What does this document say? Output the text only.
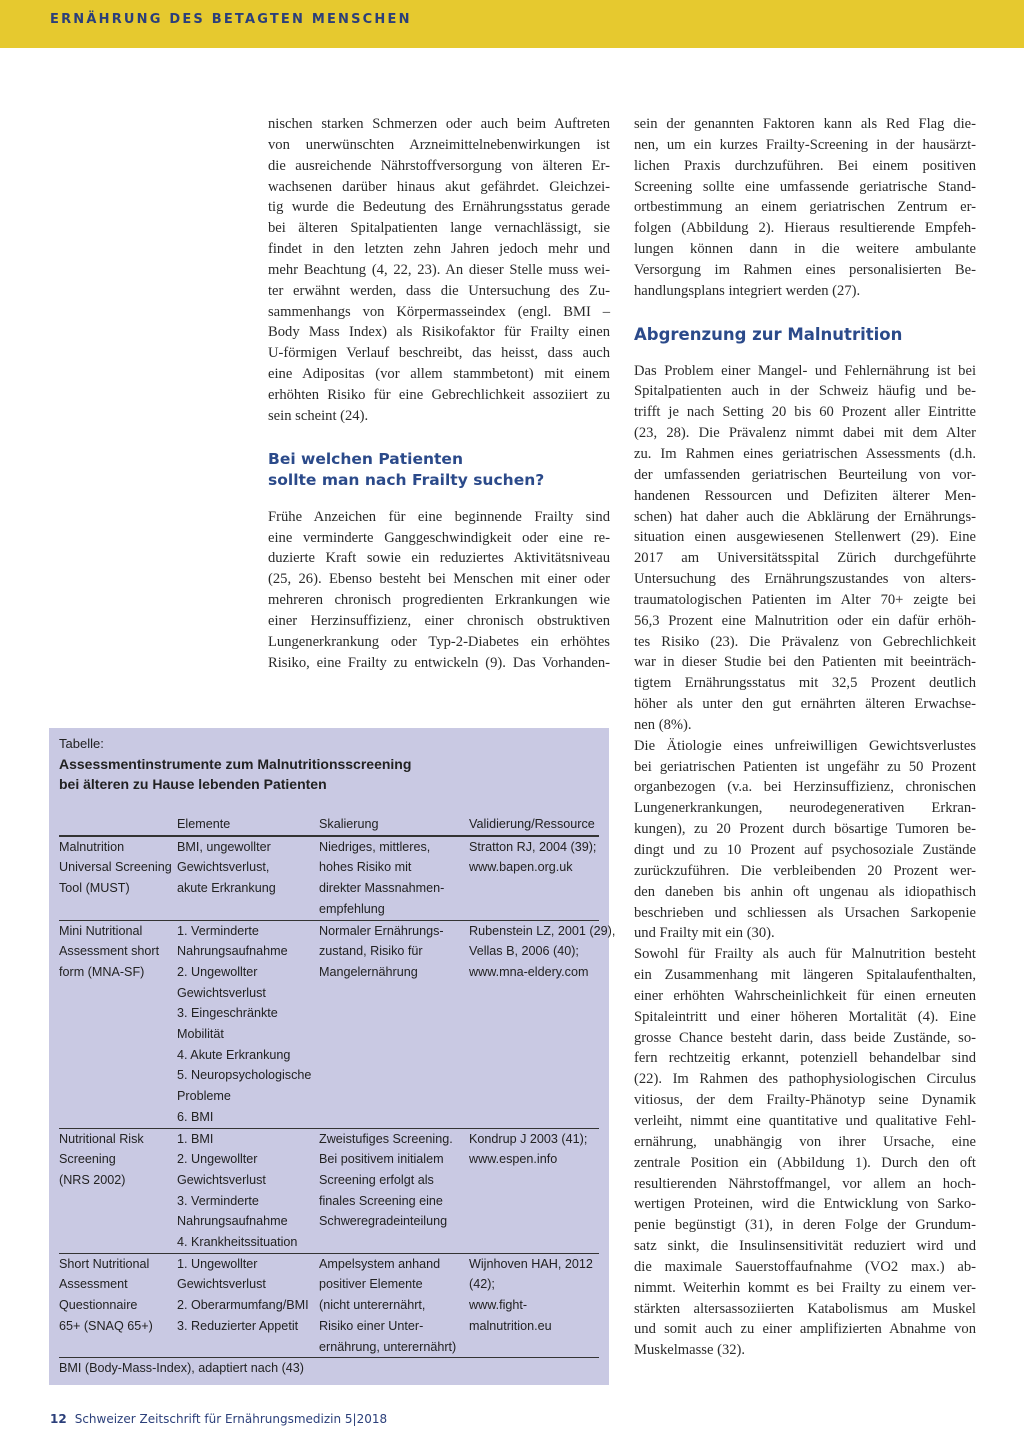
ERNÄHRUNG DES BETAGTEN MENSCHEN
nischen starken Schmerzen oder auch beim Auftreten
von unerwünschten Arzneimittelnebenwirkungen ist
die ausreichende Nährstoffversorgung von älteren Er-
wachsenen darüber hinaus akut gefährdet. Gleichzei-
tig wurde die Bedeutung des Ernährungsstatus gerade
bei älteren Spitalpatienten lange vernachlässigt, sie
findet in den letzten zehn Jahren jedoch mehr und
mehr Beachtung (4, 22, 23). An dieser Stelle muss wei-
ter erwähnt werden, dass die Untersuchung des Zu-
sammenhangs von Körpermasseindex (engl. BMI –
Body Mass Index) als Risikofaktor für Frailty einen
U-förmigen Verlauf beschreibt, das heisst, dass auch
eine Adipositas (vor allem stammbetont) mit einem
erhöhten Risiko für eine Gebrechlichkeit assoziiert zu
sein scheint (24).
Bei welchen Patienten
sollte man nach Frailty suchen?
Frühe Anzeichen für eine beginnende Frailty sind
eine verminderte Ganggeschwindigkeit oder eine re-
duzierte Kraft sowie ein reduziertes Aktivitätsniveau
(25, 26). Ebenso besteht bei Menschen mit einer oder
mehreren chronisch progredienten Erkrankungen wie
einer Herzinsuffizienz, einer chronisch obstruktiven
Lungenerkrankung oder Typ-2-Diabetes ein erhöhtes
Risiko, eine Frailty zu entwickeln (9). Das Vorhanden-
sein der genannten Faktoren kann als Red Flag die-
nen, um ein kurzes Frailty-Screening in der hausärzt-
lichen Praxis durchzuführen. Bei einem positiven
Screening sollte eine umfassende geriatrische Stand-
ortbestimmung an einem geriatrischen Zentrum er-
folgen (Abbildung 2). Hieraus resultierende Empfeh-
lungen können dann in die weitere ambulante
Versorgung im Rahmen eines personalisierten Be-
handlungsplans integriert werden (27).
Abgrenzung zur Malnutrition
Das Problem einer Mangel- und Fehlernährung ist bei
Spitalpatienten auch in der Schweiz häufig und be-
trifft je nach Setting 20 bis 60 Prozent aller Eintritte
(23, 28). Die Prävalenz nimmt dabei mit dem Alter
zu. Im Rahmen eines geriatrischen Assessments (d.h.
der umfassenden geriatrischen Beurteilung von vor-
handenen Ressourcen und Defiziten älterer Men-
schen) hat daher auch die Abklärung der Ernährungs-
situation einen ausgewiesenen Stellenwert (29). Eine
2017 am Universitätsspital Zürich durchgeführte
Untersuchung des Ernährungszustandes von alters-
traumatologischen Patienten im Alter 70+ zeigte bei
56,3 Prozent eine Malnutrition oder ein dafür erhöh-
tes Risiko (23). Die Prävalenz von Gebrechlichkeit
war in dieser Studie bei den Patienten mit beeinträch-
tigtem Ernährungsstatus mit 32,5 Prozent deutlich
höher als unter den gut ernährten älteren Erwachse-
nen (8%).
Die Ätiologie eines unfreiwilligen Gewichtsverlustes
bei geriatrischen Patienten ist ungefähr zu 50 Prozent
organbezogen (v.a. bei Herzinsuffizienz, chronischen
Lungenerkrankungen, neurodegenerativen Erkran-
kungen), zu 20 Prozent durch bösartige Tumoren be-
dingt und zu 10 Prozent auf psychosoziale Zustände
zurückzuführen. Die verbleibenden 20 Prozent wer-
den daneben bis anhin oft ungenau als idiopathisch
beschrieben und schliessen als Ursachen Sarkopenie
und Frailty mit ein (30).
Sowohl für Frailty als auch für Malnutrition besteht
ein Zusammenhang mit längeren Spitalaufenthalten,
einer erhöhten Wahrscheinlichkeit für einen erneuten
Spitaleintritt und einer höheren Mortalität (4). Eine
grosse Chance besteht darin, dass beide Zustände, so-
fern rechtzeitig erkannt, potenziell behandelbar sind
(22). Im Rahmen des pathophysiologischen Circulus
vitiosus, der dem Frailty-Phänotyp seine Dynamik
verleiht, nimmt eine quantitative und qualitative Fehl-
ernährung, unabhängig von ihrer Ursache, eine
zentrale Position ein (Abbildung 1). Durch den oft
resultierenden Nährstoffmangel, vor allem an hoch-
wertigen Proteinen, wird die Entwicklung von Sarko-
penie begünstigt (31), in deren Folge der Grundum-
satz sinkt, die Insulinsensitivität reduziert wird und
die maximale Sauerstoffaufnahme (VO2 max.) ab-
nimmt. Weiterhin kommt es bei Frailty zu einem ver-
stärkten altersassoziierten Katabolismus am Muskel
und somit auch zu einer amplifizierten Abnahme von
Muskelmasse (32).
Tabelle:
Assessmentinstrumente zum Malnutritionsscreening
bei älteren zu Hause lebenden Patienten
Elemente	Skalierung	Validierung/Ressource
Malnutrition
Universal Screening
Tool (MUST)
BMI, ungewollter
Gewichtsverlust,
akute Erkrankung
Niedriges, mittleres,
hohes Risiko mit
direkter Massnahmen-
empfehlung
Stratton RJ, 2004 (39);
www.bapen.org.uk
Mini Nutritional
Assessment short
form (MNA-SF)
1. Verminderte
Nahrungsaufnahme
2. Ungewollter
Gewichtsverlust
3. Eingeschränkte
Mobilität
4. Akute Erkrankung
5. Neuropsychologische
Probleme
6. BMI
Normaler Ernährungs-
zustand, Risiko für
Mangelernährung
Rubenstein LZ, 2001 (29),
Vellas B, 2006 (40);
www.mna-eldery.com
Nutritional Risk
Screening
(NRS 2002)
1. BMI
2. Ungewollter
Gewichtsverlust
3. Verminderte
Nahrungsaufnahme
4. Krankheitssituation
Zweistufiges Screening.
Bei positivem initialem
Screening erfolgt als
finales Screening eine
Schweregradeinteilung
Kondrup J 2003 (41);
www.espen.info
Short Nutritional
Assessment
Questionnaire
65+ (SNAQ 65+)
1. Ungewollter
Gewichtsverlust
2. Oberarmumfang/BMI
3. Reduzierter Appetit
Ampelsystem anhand
positiver Elemente
(nicht unterernährt,
Risiko einer Unter-
ernährung, unterernährt)
Wijnhoven HAH, 2012
(42);
www.fight-
malnutrition.eu
BMI (Body-Mass-Index), adaptiert nach (43)
12 Schweizer Zeitschrift für Ernährungsmedizin 5|2018
